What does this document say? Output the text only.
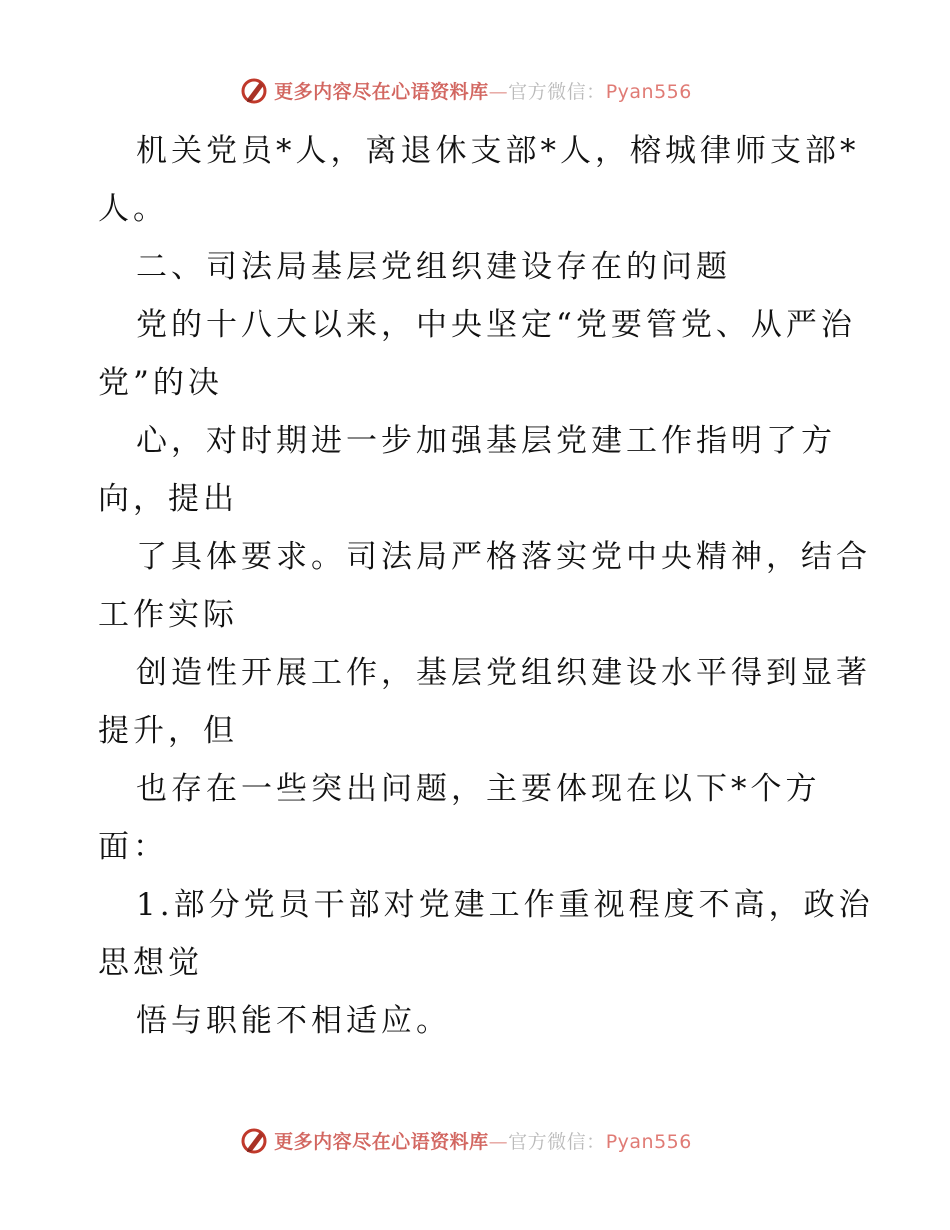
更多内容尽在心语资料库—官方微信：Pyan556
机关党员*人，离退休支部*人，榕城律师支部*
人。
二、司法局基层党组织建设存在的问题
党的十八大以来，中央坚定“党要管党、从严治
党”的决
心，对时期进一步加强基层党建工作指明了方
向，提出
了具体要求。司法局严格落实党中央精神，结合
工作实际
创造性开展工作，基层党组织建设水平得到显著
提升，但
也存在一些突出问题，主要体现在以下*个方
面：
1.部分党员干部对党建工作重视程度不高，政治
思想觉
悟与职能不相适应。
更多内容尽在心语资料库—官方微信：Pyan556
